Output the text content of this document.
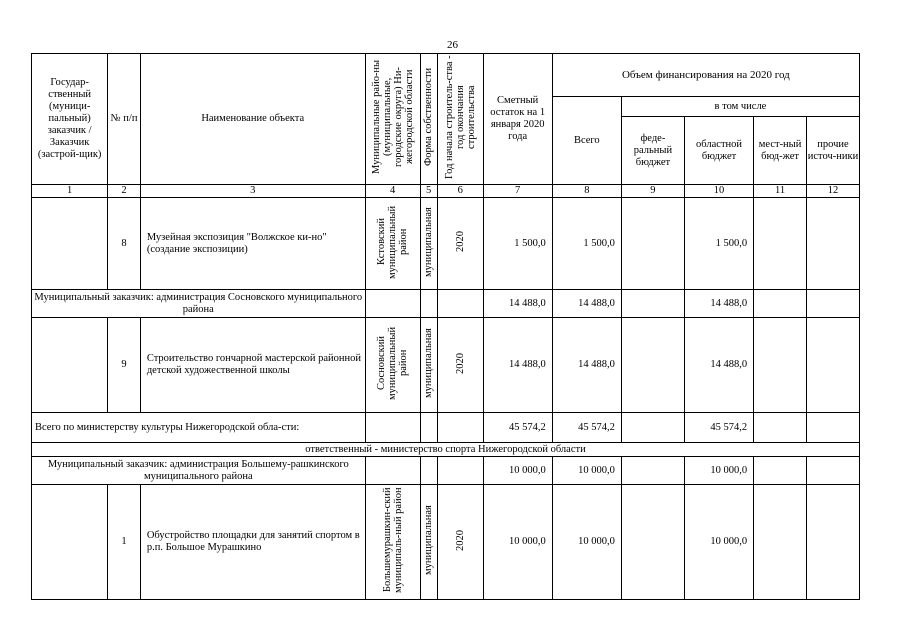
26
Государ-ственный (муници-пальный) заказчик / Заказчик (застрой-щик)	№ п/п	Наименование объекта	Муниципальные райо-ны (муниципальные, городские округа) Ни-жегородской области	Форма собственности	Год начала строитель-ства - год окончания строительства	Сметный остаток на 1 января 2020 года	Объем финансирования на 2020 год				
							Всего	в том числе			
								феде-ральный бюджет	областной бюджет	мест-ный бюд-жет	прочие источ-ники
1	2	3	4	5	6	7	8	9	10	11	12
	8	Музейная экспозиция "Волжское ки-но" (создание экспозиции)	Кстовский муниципальный район	муниципальная	2020	1 500,0	1 500,0		1 500,0		
Муниципальный заказчик: администрация Сосновского муниципального района						14 488,0	14 488,0		14 488,0		
	9	Строительство гончарной мастерской районной детской художественной школы	Сосновский муниципальный район	муниципальная	2020	14 488,0	14 488,0		14 488,0		
Всего по министерству культуры Нижегородской обла-сти:						45 574,2	45 574,2		45 574,2		
ответственный - министерство спорта Нижегородской области											
Муниципальный заказчик: администрация Большему-рашкинского муниципального района						10 000,0	10 000,0		10 000,0		
	1	Обустройство площадки для занятий спортом в р.п. Большое Мурашкино	Большемурашкин-ский муниципаль-ный район	муниципальная	2020	10 000,0	10 000,0		10 000,0		
